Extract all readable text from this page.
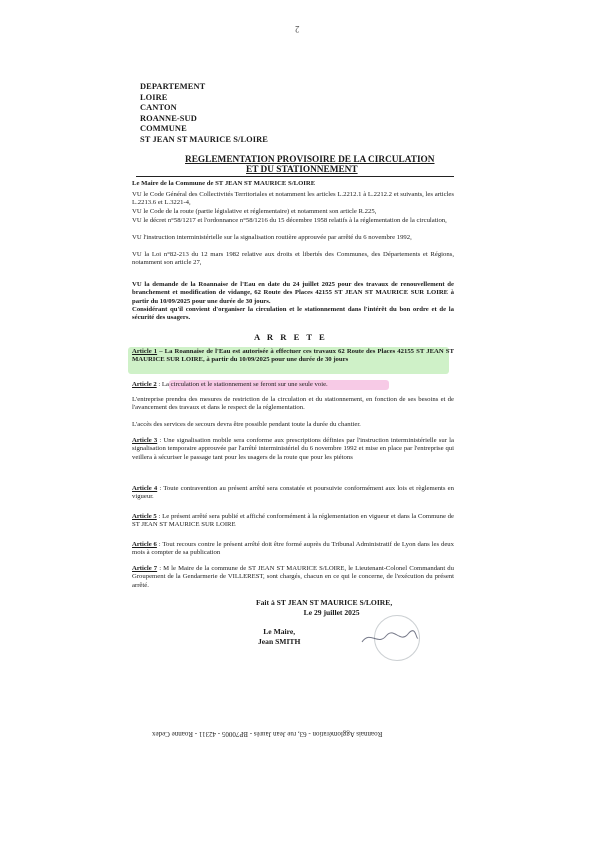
2
DEPARTEMENT
LOIRE
CANTON
ROANNE-SUD
COMMUNE
ST JEAN ST MAURICE S/LOIRE
REGLEMENTATION PROVISOIRE DE LA CIRCULATION
ET DU STATIONNEMENT
Le Maire de la Commune de ST JEAN ST MAURICE S/LOIRE
VU le Code Général des Collectivités Territoriales et notamment les articles L.2212.1 à L.2212.2 et suivants, les articles L.2213.6 et L.3221-4,
VU le Code de la route (partie législative et réglementaire) et notamment son article R.225,
VU le décret n°58/1217 et l'ordonnance n°58/1216 du 15 décembre 1958 relatifs à la réglementation de la circulation,
VU l'instruction interministérielle sur la signalisation routière approuvée par arrêté du 6 novembre 1992,
VU la Loi n°82-213 du 12 mars 1982 relative aux droits et libertés des Communes, des Départements et Régions, notamment son article 27,
VU la demande de la Roannaise de l'Eau en date du 24 juillet 2025 pour des travaux de renouvellement de branchement et modification de vidange, 62 Route des Places 42155 ST JEAN ST MAURICE SUR LOIRE à partir du 10/09/2025 pour une durée de 30 jours.
Considérant qu'il convient d'organiser la circulation et le stationnement dans l'intérêt du bon ordre et de la sécurité des usagers.
A R R E T E
Article 1 – La Roannaise de l'Eau est autorisée à effectuer ces travaux 62 Route des Places 42155 ST JEAN ST MAURICE SUR LOIRE, à partir du 10/09/2025 pour une durée de 30 jours
Article 2 : La circulation et le stationnement se feront sur une seule voie.
L'entreprise prendra des mesures de restriction de la circulation et du stationnement, en fonction de ses besoins et de l'avancement des travaux et dans le respect de la réglementation.
L'accès des services de secours devra être possible pendant toute la durée du chantier.
Article 3 : Une signalisation mobile sera conforme aux prescriptions définies par l'instruction interministérielle sur la signalisation temporaire approuvée par l'arrêté interministériel du 6 novembre 1992 et mise en place par l'entreprise qui veillera à sécuriser le passage tant pour les usagers de la route que pour les piétons
Article 4 : Toute contravention au présent arrêté sera constatée et poursuivie conformément aux lois et règlements en vigueur.
Article 5 : Le présent arrêté sera publié et affiché conformément à la réglementation en vigueur et dans la Commune de ST JEAN ST MAURICE SUR LOIRE
Article 6 : Tout recours contre le présent arrêté doit être formé auprès du Tribunal Administratif de Lyon dans les deux mois à compter de sa publication
Article 7 : M le Maire de la commune de ST JEAN ST MAURICE S/LOIRE, le Lieutenant-Colonel Commandant du Groupement de la Gendarmerie de VILLEREST, sont chargés, chacun en ce qui le concerne, de l'exécution du présent arrêté.
Fait à ST JEAN ST MAURICE S/LOIRE,
Le 29 juillet 2025
Le Maire,
Jean SMITH
Roannais Agglomération - 63, rue Jean Jaurès - BP70005 - 42311 - Roanne Cedex
